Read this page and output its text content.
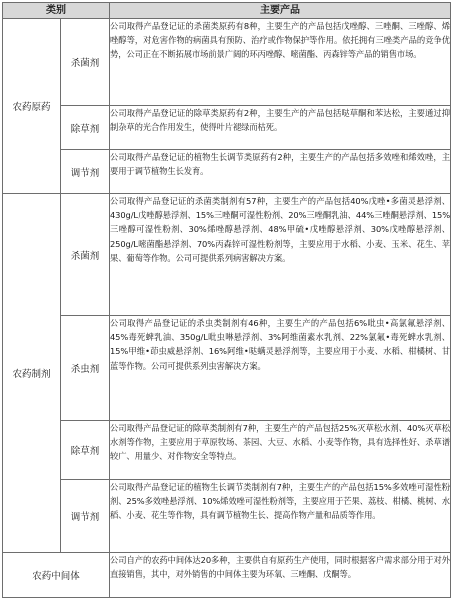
类别		主要产品
农药原药	杀菌剂	公司取得产品登记证的杀菌类原药有8种，主要生产的产品包括戊唑醇、三唑酮、三唑醇、烯唑醇等，对危害作物的病菌具有预防、治疗或作物保护等作用。依托拥有三唑类产品的竞争优势，公司正在不断拓展市场前景广阔的环丙唑醇、嘧菌酯、丙森锌等产品的销售市场。
	除草剂	公司取得产品登记证的除草类原药有2种，主要生产的产品包括哒草酮和苯达松，主要通过抑制杂草的光合作用发生，使得叶片褪绿而枯死。
	调节剂	公司取得产品登记证的植物生长调节类原药有2种，主要生产的产品包括多效唑和烯效唑，主要用于调节植物生长发育。
农药制剂	杀菌剂	公司取得产品登记证的杀菌类制剂有57种，主要生产的产品包括40%戊唑•多菌灵悬浮剂、430g/L戊唑醇悬浮剂、15%三唑酮可湿性粉剂、20%三唑酮乳油、44%三唑酮悬浮剂、15%三唑醇可湿性粉剂、30%烯唑醇悬浮剂、48%甲硫•戊唑醇悬浮剂、30%戊唑醇悬浮剂、250g/L嘧菌酯悬浮剂、70%丙森锌可湿性粉剂等，主要应用于水稻、小麦、玉米、花生、苹果、葡萄等作物。公司可提供系列病害解决方案。
	杀虫剂	公司取得产品登记证的杀虫类制剂有46种，主要生产的产品包括6%吡虫•高氯氟悬浮剂、45%毒死蜱乳油、350g/L吡虫啉悬浮剂、3%阿维菌素水乳剂、22%氯氟•毒死蜱水乳剂、15%甲维•茚虫威悬浮剂、16%阿维•哒螨灵悬浮剂等，主要应用于小麦、水稻、柑橘树、甘蓝等作物。公司可提供系列虫害解决方案。
	除草剂	公司取得产品登记证的除草类制剂有7种，主要生产的产品包括25%灭草松水剂、40%灭草松水剂等作物，主要应用于草原牧场、茶园、大豆、水稻、小麦等作物，具有选择性好、杀草谱较广、用量少、对作物安全等特点。
	调节剂	公司取得产品登记证的植物生长调节类制剂有7种，主要生产的产品包括15%多效唑可湿性粉剂、25%多效唑悬浮剂、10%烯效唑可湿性粉剂等，主要应用于芒果、荔枝、柑橘、桃树、水稻、小麦、花生等作物，具有调节植物生长、提高作物产量和品质等作用。
农药中间体		公司自产的农药中间体达20多种，主要供自有原药生产使用，同时根据客户需求部分用于对外直接销售，其中，对外销售的中间体主要为环氧、三唑酮、戊酮等。
